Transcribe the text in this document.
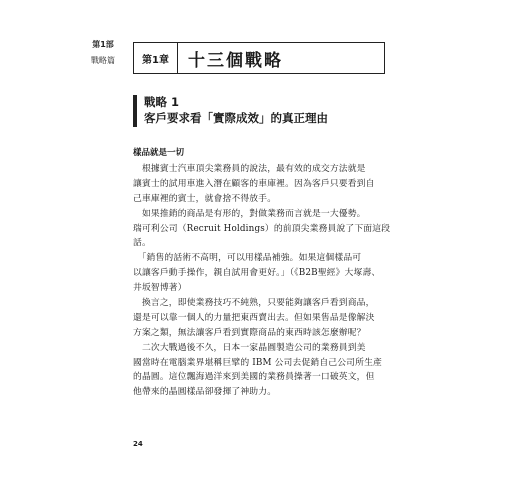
第1部
戰略篇	第1章	十三個戰略
戰略 1
客戶要求看「實際成效」的真正理由
樣品就是一切
　根據賓士汽車頂尖業務員的說法，最有效的成交方法就是
讓賓士的試用車進入潛在顧客的車庫裡。因為客戶只要看到自
己車庫裡的賓士，就會捨不得放手。
　如果推銷的商品是有形的，對做業務而言就是一大優勢。
瑞可利公司（Recruit Holdings）的前頂尖業務員說了下面這段
話。
　「銷售的話術不高明，可以用樣品補強。如果這個樣品可
以讓客戶動手操作，親自試用會更好。」（《B2B聖經》大塚壽、
井坂智博著）
　換言之，即使業務技巧不純熟，只要能夠讓客戶看到商品，
還是可以靠一個人的力量把東西賣出去。但如果售品是像解決
方案之類，無法讓客戶看到實際商品的東西時該怎麼辦呢？
　二次大戰過後不久，日本一家晶圓製造公司的業務員到美
國當時在電腦業界堪稱巨擘的 IBM 公司去促銷自己公司所生產
的晶圓。這位飄海過洋來到美國的業務員操著一口破英文，但
他帶來的晶圓樣品卻發揮了神助力。
24
